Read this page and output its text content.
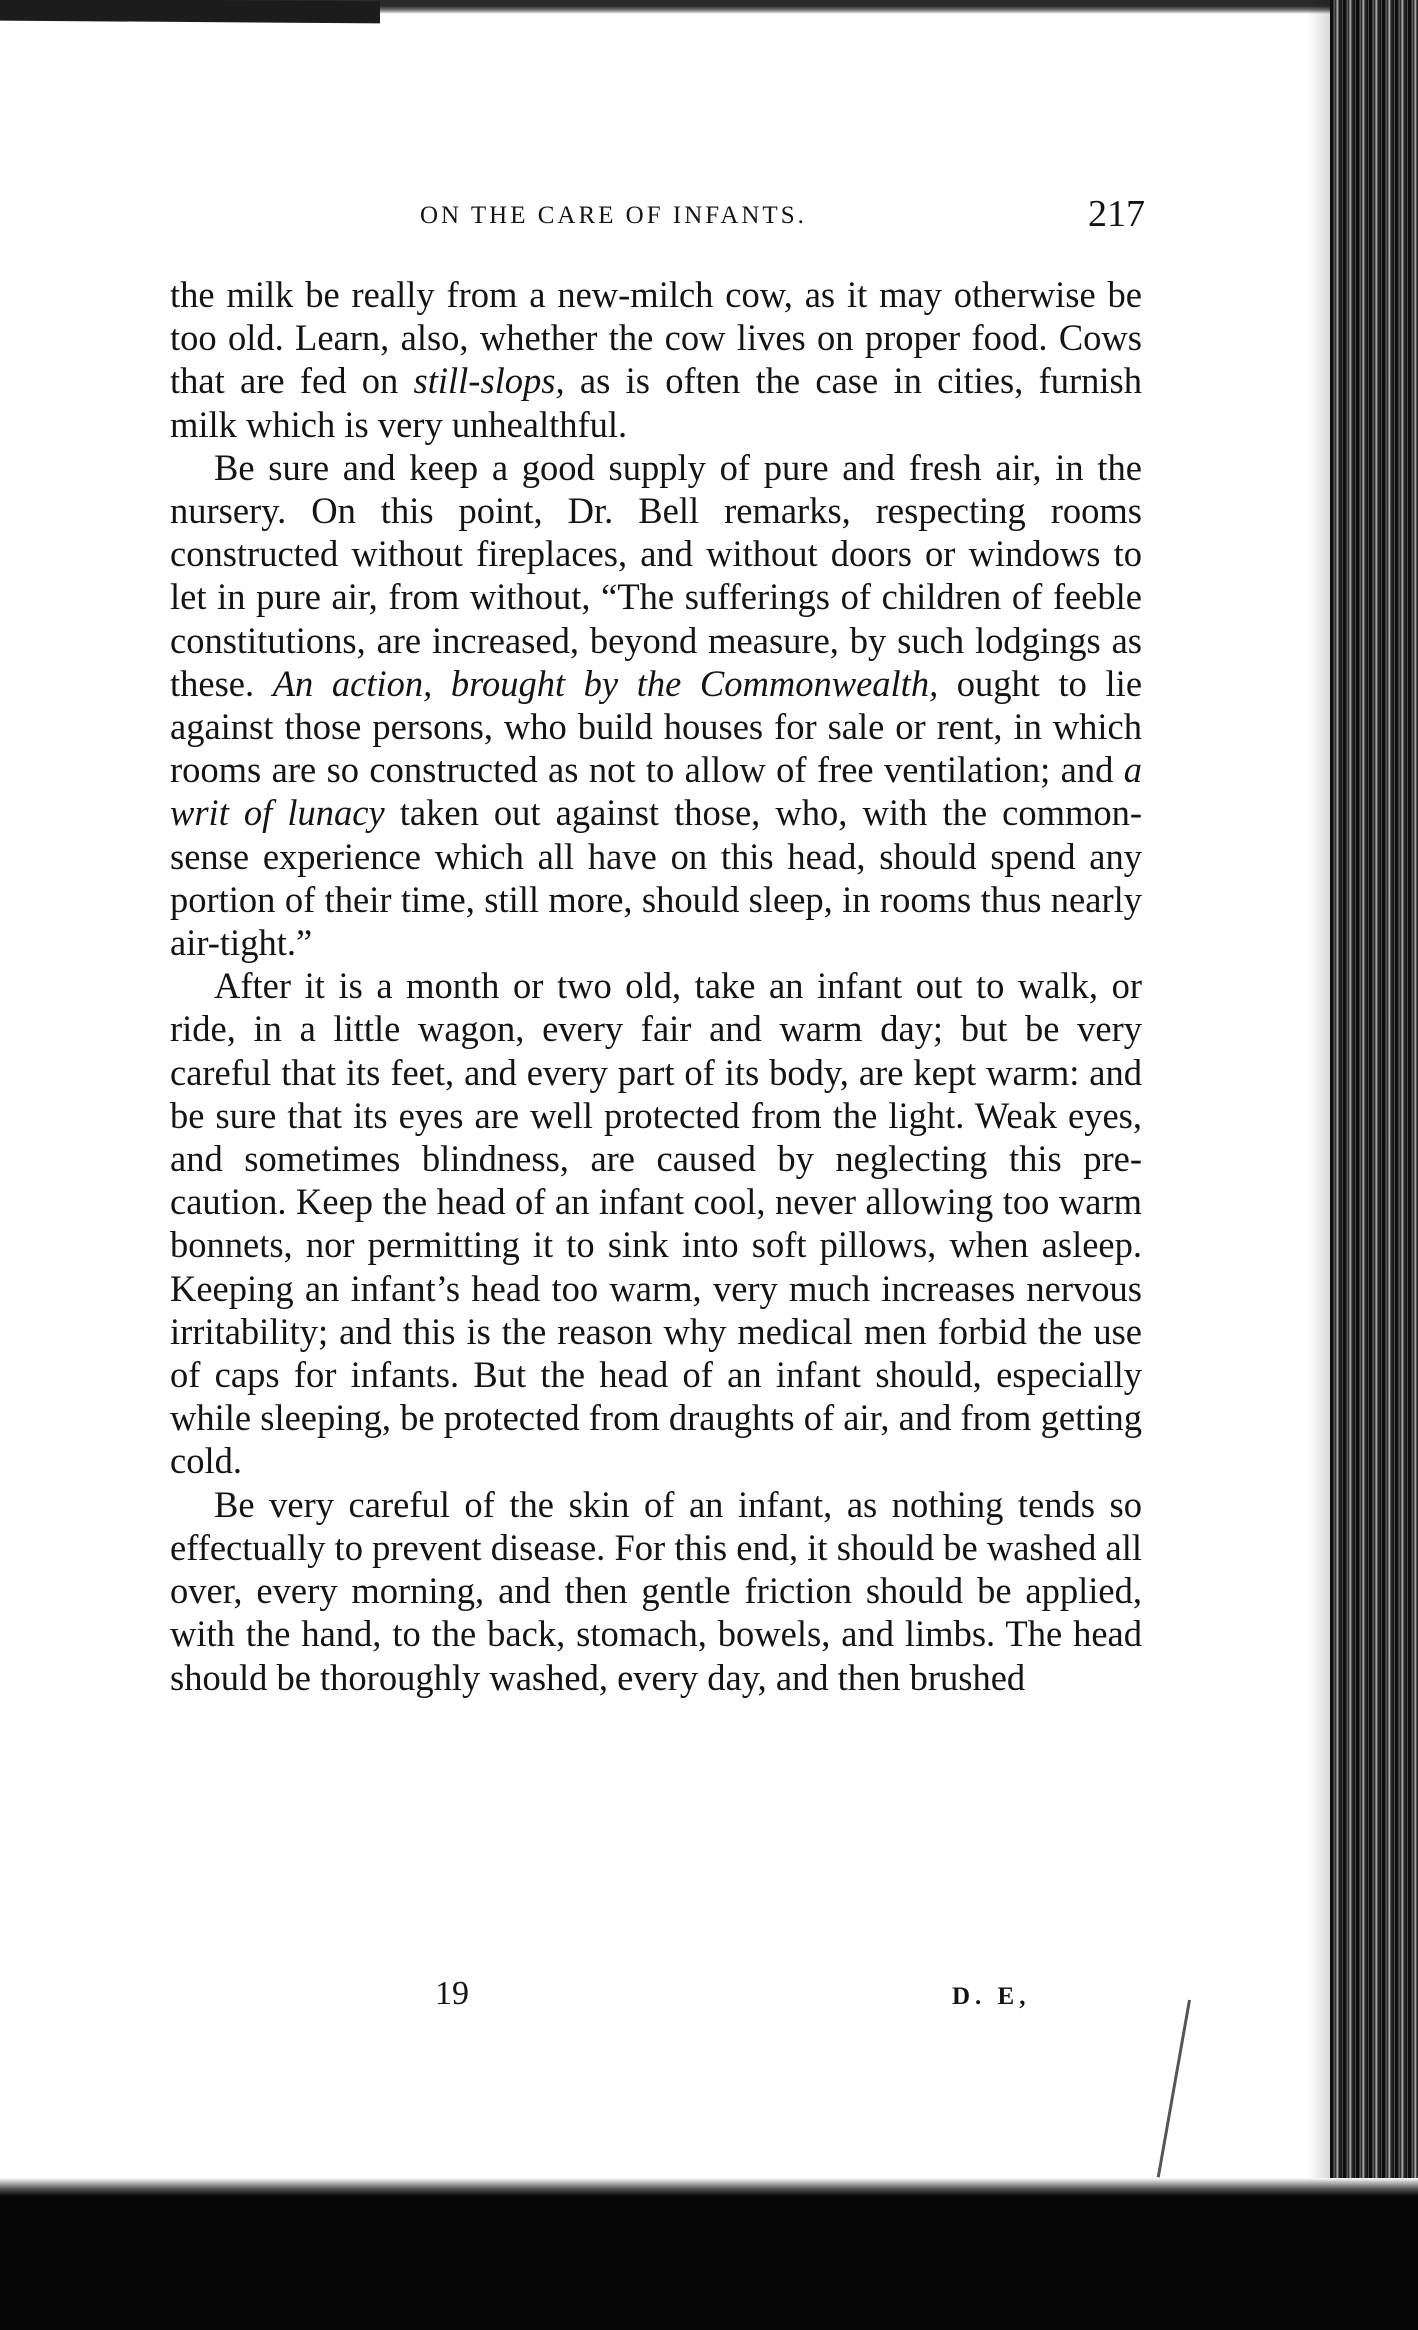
ON THE CARE OF INFANTS.	217

the milk be really from a new-milch cow, as it may otherwise be too old. Learn, also, whether the cow lives on proper food. Cows that are fed on still-slops, as is often the case in cities, furnish milk which is very unhealthful.

Be sure and keep a good supply of pure and fresh air, in the nursery. On this point, Dr. Bell remarks, respecting rooms constructed without fireplaces, and without doors or windows to let in pure air, from without, “The sufferings of children of feeble constitutions, are increased, beyond measure, by such lodgings as these. An action, brought by the Commonwealth, ought to lie against those persons, who build houses for sale or rent, in which rooms are so constructed as not to allow of free ventilation; and a writ of lunacy taken out against those, who, with the common-sense experience which all have on this head, should spend any portion of their time, still more, should sleep, in rooms thus nearly air-tight.”

After it is a month or two old, take an infant out to walk, or ride, in a little wagon, every fair and warm day; but be very careful that its feet, and every part of its body, are kept warm: and be sure that its eyes are well protected from the light. Weak eyes, and sometimes blindness, are caused by neglecting this precaution. Keep the head of an infant cool, never allowing too warm bonnets, nor permitting it to sink into soft pillows, when asleep. Keeping an infant’s head too warm, very much increases nervous irritability; and this is the reason why medical men forbid the use of caps for infants. But the head of an infant should, especially while sleeping, be protected from draughts of air, and from getting cold.

Be very careful of the skin of an infant, as nothing tends so effectually to prevent disease. For this end, it should be washed all over, every morning, and then gentle friction should be applied, with the hand, to the back, stomach, bowels, and limbs. The head should be thoroughly washed, every day, and then brushed

19	D. E,
